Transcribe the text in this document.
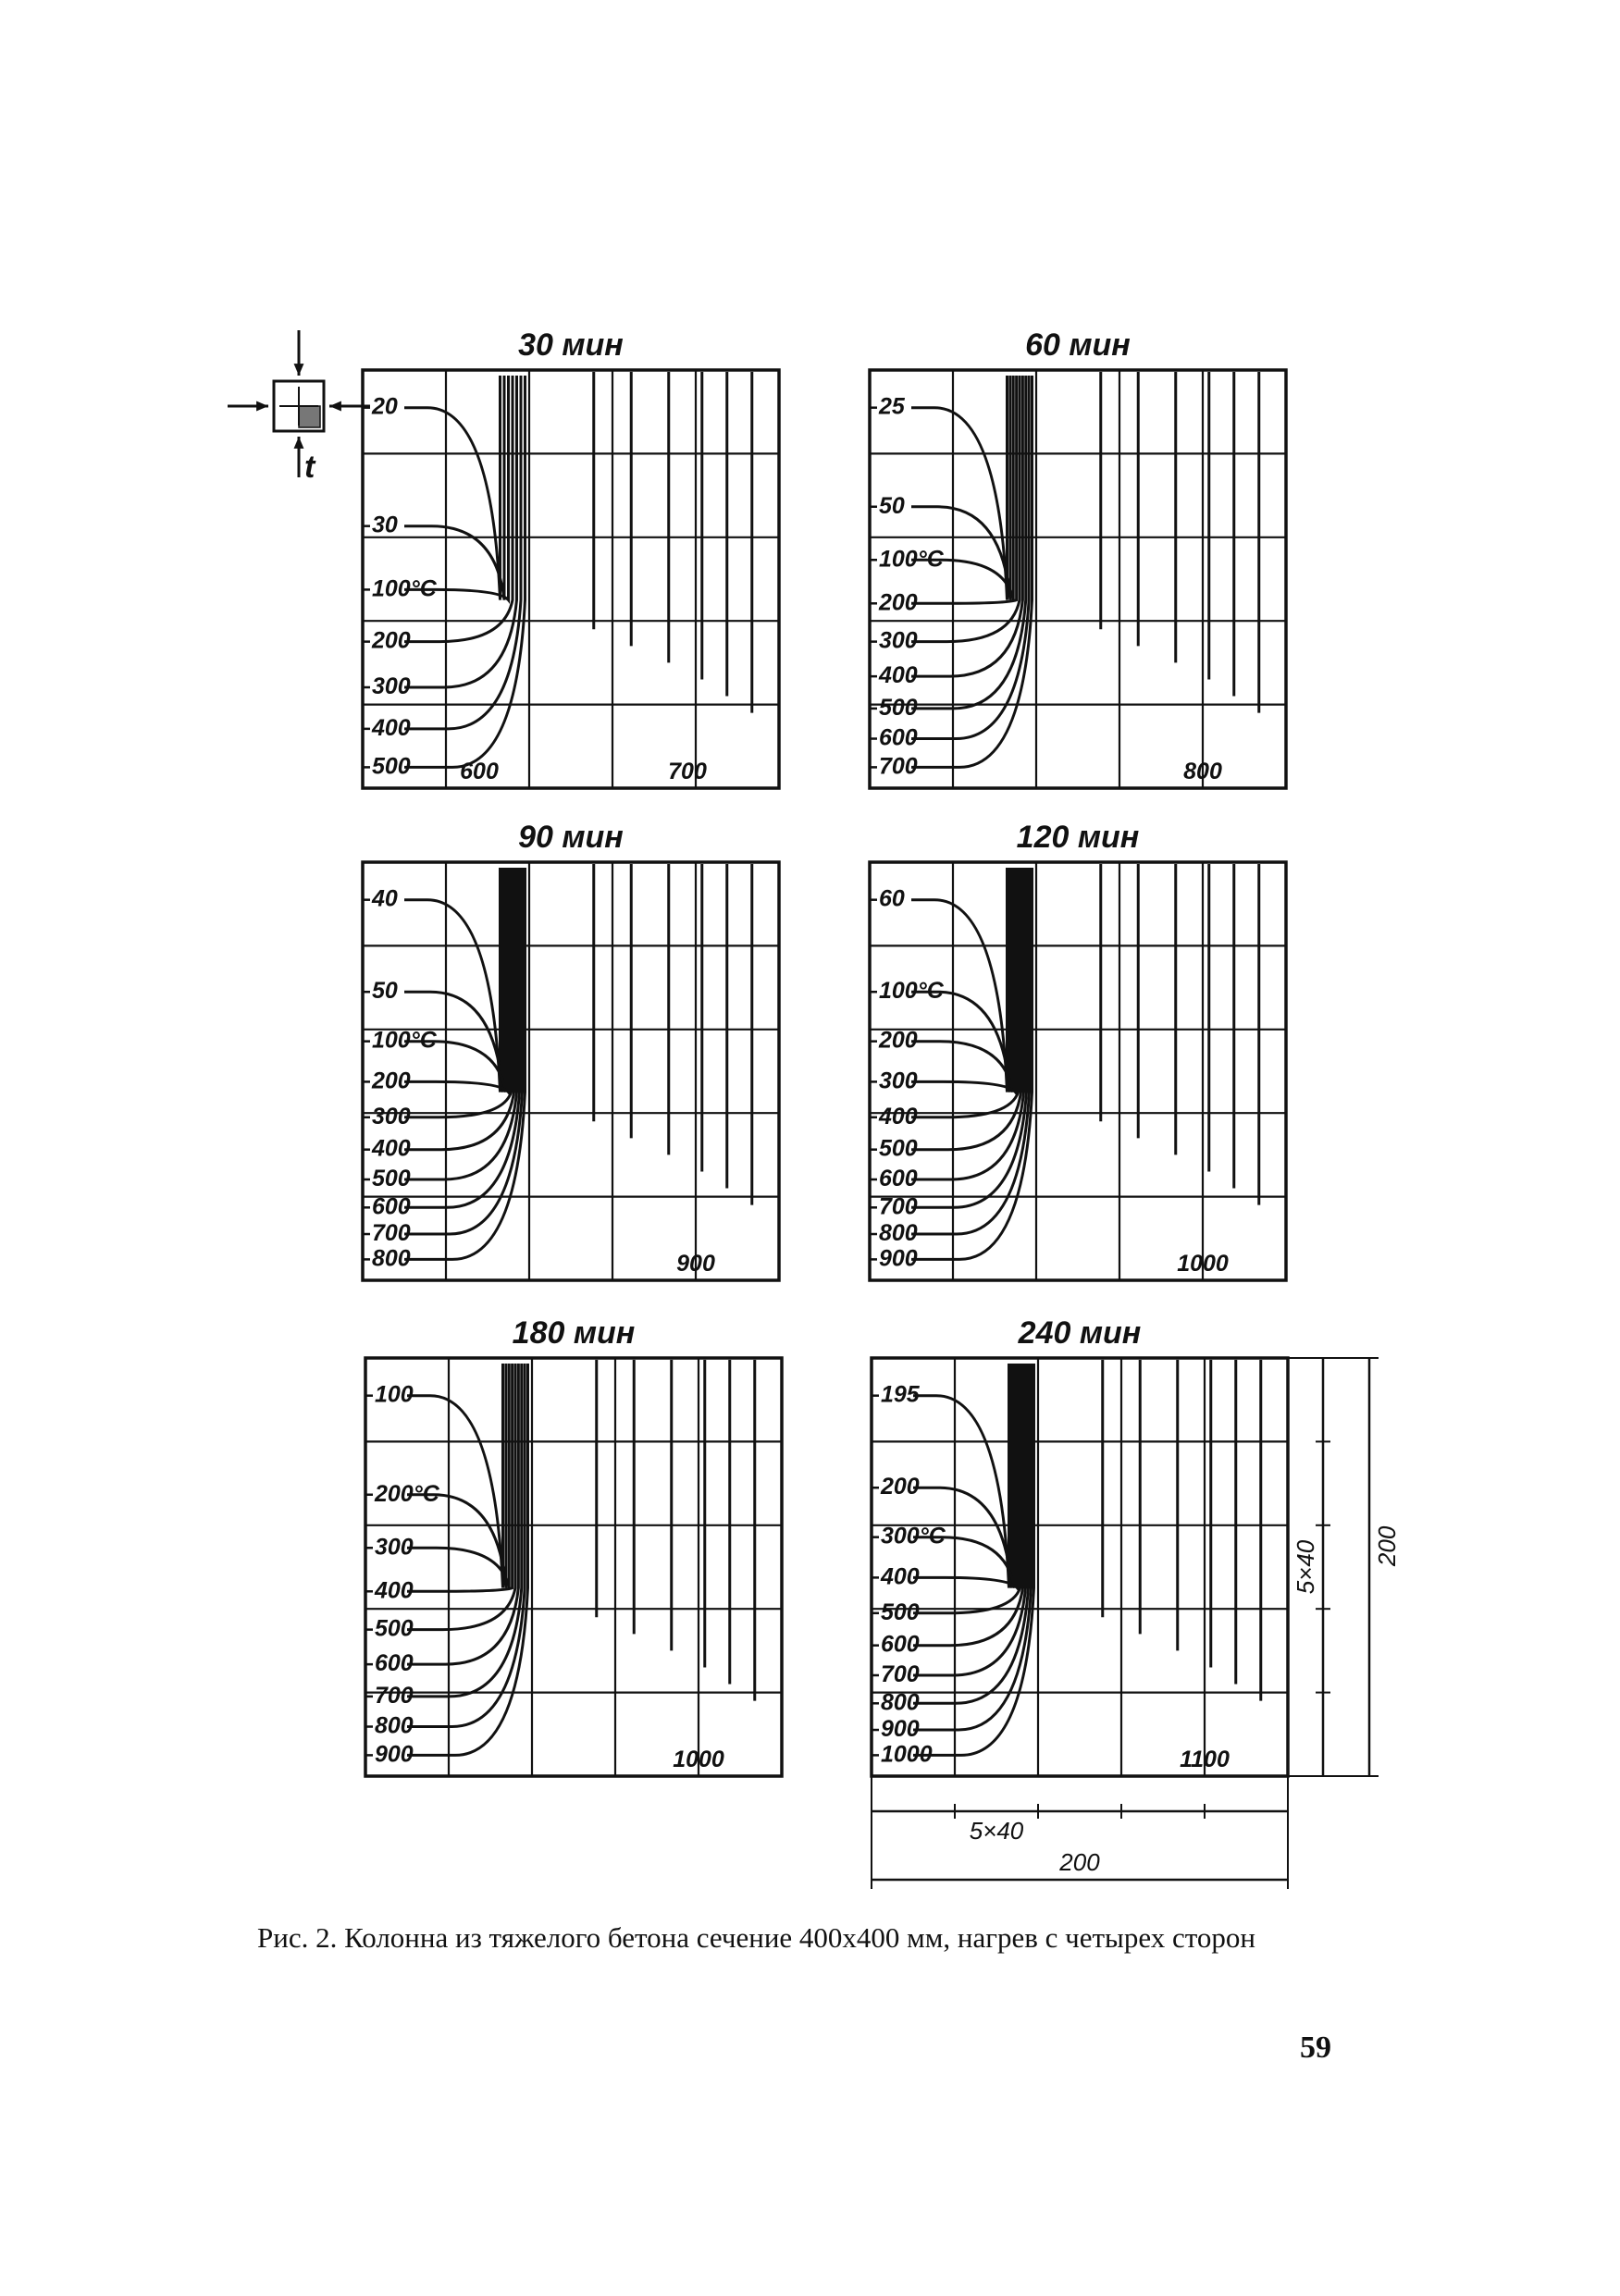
t
30 мин
20
30
100°C
200
300
400
500 600	700
60 мин
25
50
100°C
200
300
400
500
600
700	800
90 мин
40
50
100°C
200
300
400
500
600
700
800	900
120 мин
60
100°C
200
300
400
500
600
700
800
900	1000
180 мин
100
200°C
300
400
500
600
700
800
900	1000
240 мин
195
200
300°C
400
500
600
700
800
900
1000	1100
5×40
200
5×40 200

Рис. 2. Колонна из тяжелого бетона сечение 400х400 мм, нагрев с четырех сторон

59
